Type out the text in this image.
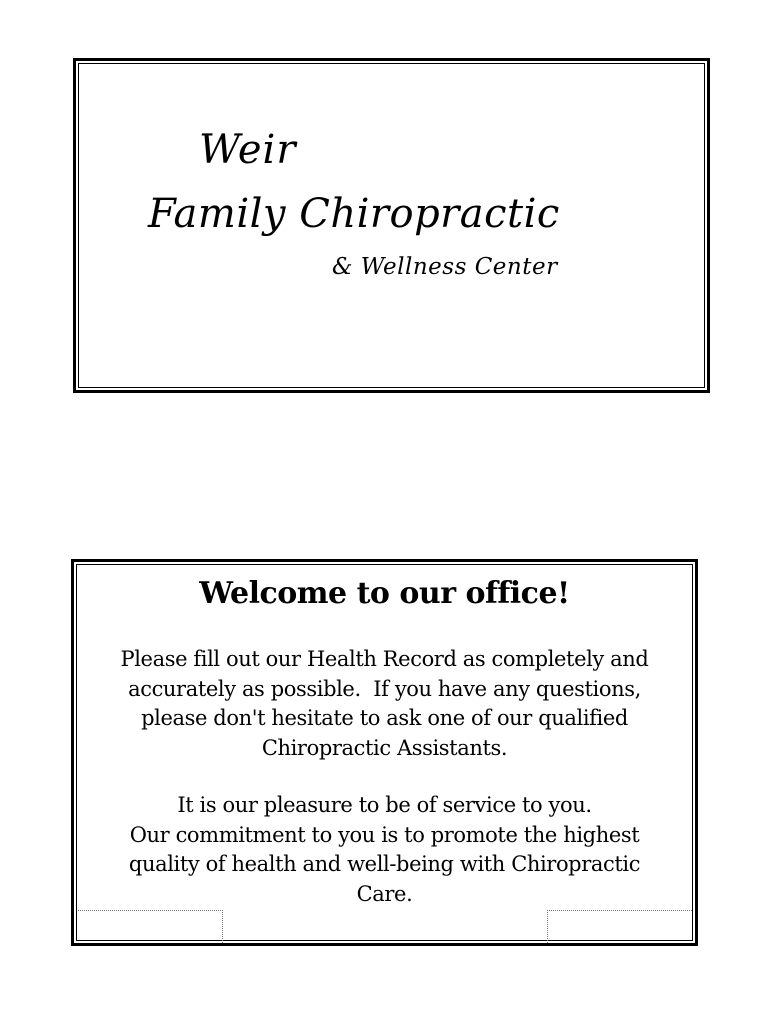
Weir
Family Chiropractic
& Wellness Center
Welcome to our office!
Please fill out our Health Record as completely and
accurately as possible.  If you have any questions,
please don't hesitate to ask one of our qualified
Chiropractic Assistants.
It is our pleasure to be of service to you.
Our commitment to you is to promote the highest
quality of health and well-being with Chiropractic
Care.
